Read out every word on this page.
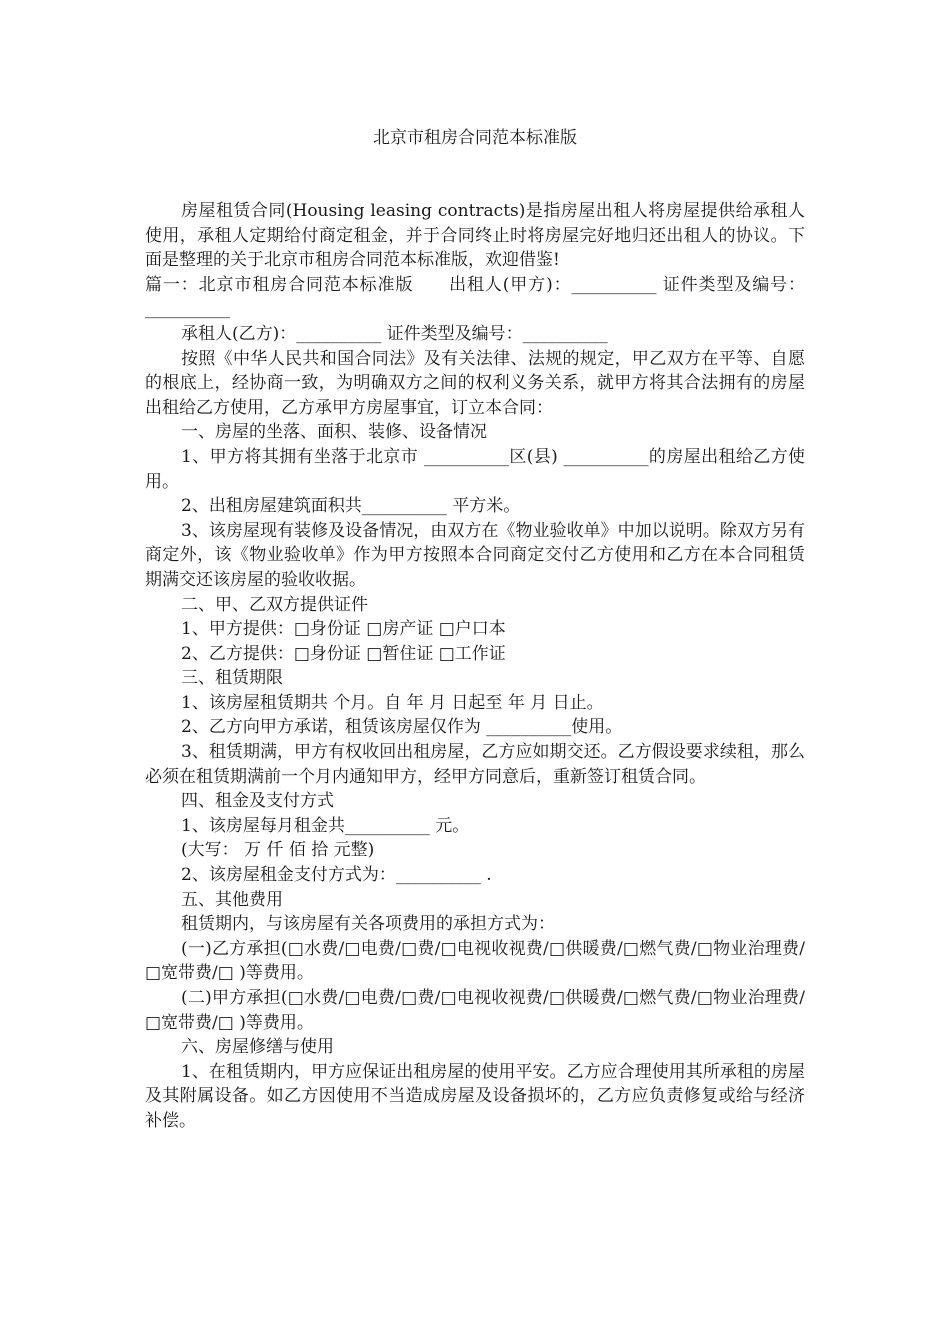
北京市租房合同范本标准版

房屋租赁合同(Housing leasing contracts)是指房屋出租人将房屋提供给承租人使用，承租人定期给付商定租金，并于合同终止时将房屋完好地归还出租人的协议。下面是整理的关于北京市租房合同范本标准版，欢迎借鉴!

篇一：北京市租房合同范本标准版　　出租人(甲方)：__________ 证件类型及编号：__________

承租人(乙方)：__________ 证件类型及编号：__________

按照《中华人民共和国合同法》及有关法律、法规的规定，甲乙双方在平等、自愿的根底上，经协商一致，为明确双方之间的权利义务关系，就甲方将其合法拥有的房屋出租给乙方使用，乙方承甲方房屋事宜，订立本合同：

一、房屋的坐落、面积、装修、设备情况

1、甲方将其拥有坐落于北京市 __________区(县) __________的房屋出租给乙方使用。

2、出租房屋建筑面积共__________ 平方米。

3、该房屋现有装修及设备情况，由双方在《物业验收单》中加以说明。除双方另有商定外，该《物业验收单》作为甲方按照本合同商定交付乙方使用和乙方在本合同租赁期满交还该房屋的验收收据。

二、甲、乙双方提供证件

1、甲方提供：□身份证 □房产证 □户口本

2、乙方提供：□身份证 □暂住证 □工作证

三、租赁期限

1、该房屋租赁期共 个月。自 年 月 日起至 年 月 日止。

2、乙方向甲方承诺，租赁该房屋仅作为 __________使用。

3、租赁期满，甲方有权收回出租房屋，乙方应如期交还。乙方假设要求续租，那么必须在租赁期满前一个月内通知甲方，经甲方同意后，重新签订租赁合同。

四、租金及支付方式

1、该房屋每月租金共__________ 元。

(大写： 万 仟 佰 拾 元整)

2、该房屋租金支付方式为：__________ .

五、其他费用

租赁期内，与该房屋有关各项费用的承担方式为：

(一)乙方承担(□水费/□电费/□费/□电视收视费/□供暖费/□燃气费/□物业治理费/□宽带费/□ )等费用。

(二)甲方承担(□水费/□电费/□费/□电视收视费/□供暖费/□燃气费/□物业治理费/□宽带费/□ )等费用。

六、房屋修缮与使用

1、在租赁期内，甲方应保证出租房屋的使用平安。乙方应合理使用其所承租的房屋及其附属设备。如乙方因使用不当造成房屋及设备损坏的，乙方应负责修复或给与经济补偿。
